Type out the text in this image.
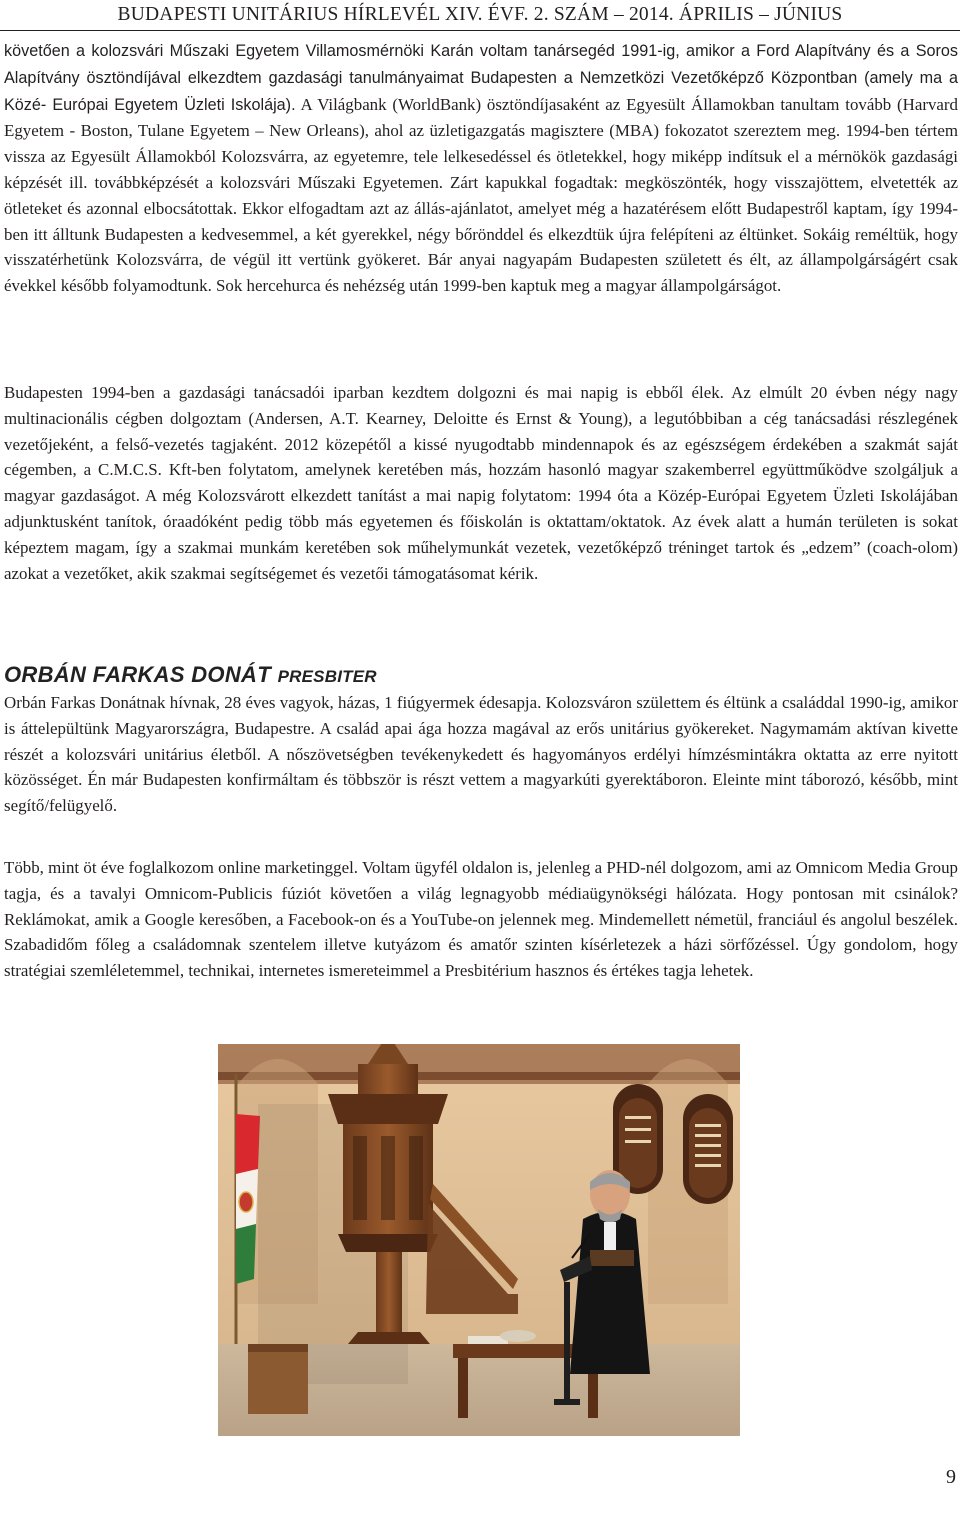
BUDAPESTI UNITÁRIUS HÍRLEVÉL XIV. ÉVF. 2. SZÁM – 2014. ÁPRILIS – JÚNIUS

követően a kolozsvári Műszaki Egyetem Villamosmérnöki Karán voltam tanársegéd 1991-ig, amikor a Ford Alapítvány és a Soros Alapítvány ösztöndíjával elkezdtem gazdasági tanulmányaimat Budapesten a Nemzetközi Vezetőképző Központban (amely ma a Közé- Európai Egyetem Üzleti Iskolája). A Világbank (WorldBank) ösztöndíjasaként az Egyesült Államokban tanultam tovább (Harvard Egyetem - Boston, Tulane Egyetem – New Orleans), ahol az üzletigazgatás magisztere (MBA) fokozatot szereztem meg. 1994-ben tértem vissza az Egyesült Államokból Kolozsvárra, az egyetemre, tele lelkesedéssel és ötletekkel, hogy miképp indítsuk el a mérnökök gazdasági képzését ill. továbbképzését a kolozsvári Műszaki Egyetemen. Zárt kapukkal fogadtak: megköszönték, hogy visszajöttem, elvetették az ötleteket és azonnal elbocsátottak. Ekkor elfogadtam azt az állás-ajánlatot, amelyet még a hazatérésem előtt Budapestről kaptam, így 1994-ben itt álltunk Budapesten a kedvesemmel, a két gyerekkel, négy bőrönddel és elkezdtük újra felépíteni az éltünket. Sokáig reméltük, hogy visszatérhetünk Kolozsvárra, de végül itt vertünk gyökeret. Bár anyai nagyapám Budapesten született és élt, az állampolgárságért csak évekkel később folyamodtunk. Sok hercehurca és nehézség után 1999-ben kaptuk meg a magyar állampolgárságot.

Budapesten 1994-ben a gazdasági tanácsadói iparban kezdtem dolgozni és mai napig is ebből élek. Az elmúlt 20 évben négy nagy multinacionális cégben dolgoztam (Andersen, A.T. Kearney, Deloitte és Ernst & Young), a legutóbbiban a cég tanácsadási részlegének vezetőjeként, a felső-vezetés tagjaként. 2012 közepétől a kissé nyugodtabb mindennapok és az egészségem érdekében a szakmát saját cégemben, a C.M.C.S. Kft-ben folytatom, amelynek keretében más, hozzám hasonló magyar szakemberrel együttműködve szolgáljuk a magyar gazdaságot. A még Kolozsvárott elkezdett tanítást a mai napig folytatom: 1994 óta a Közép-Európai Egyetem Üzleti Iskolájában adjunktusként tanítok, óraadóként pedig több más egyetemen és főiskolán is oktattam/oktatok. Az évek alatt a humán területen is sokat képeztem magam, így a szakmai munkám keretében sok műhelymunkát vezetek, vezetőképző tréninget tartok és „edzem” (coach-olom) azokat a vezetőket, akik szakmai segítségemet és vezetői támogatásomat kérik.

ORBÁN FARKAS DONÁT PRESBITER

Orbán Farkas Donátnak hívnak, 28 éves vagyok, házas, 1 fiúgyermek édesapja. Kolozsváron születtem és éltünk a családdal 1990-ig, amikor is áttelepültünk Magyarországra, Budapestre. A család apai ága hozza magával az erős unitárius gyökereket. Nagymamám aktívan kivette részét a kolozsvári unitárius életből. A nőszövetségben tevékenykedett és hagyományos erdélyi hímzésmintákra oktatta az erre nyitott közösséget. Én már Budapesten konfirmáltam és többször is részt vettem a magyarkúti gyerektáboron. Eleinte mint táborozó, később, mint segítő/felügyelő.

Több, mint öt éve foglalkozom online marketinggel. Voltam ügyfél oldalon is, jelenleg a PHD-nél dolgozom, ami az Omnicom Media Group tagja, és a tavalyi Omnicom-Publicis fúziót követően a világ legnagyobb médiaügynökségi hálózata. Hogy pontosan mit csinálok? Reklámokat, amik a Google keresőben, a Facebook-on és a YouTube-on jelennek meg. Mindemellett németül, franciául és angolul beszélek. Szabadidőm főleg a családomnak szentelem illetve kutyázom és amatőr szinten kísérletezek a házi sörfőzéssel. Úgy gondolom, hogy stratégiai szemléletemmel, technikai, internetes ismereteimmel a Presbitérium hasznos és értékes tagja lehetek.

9
